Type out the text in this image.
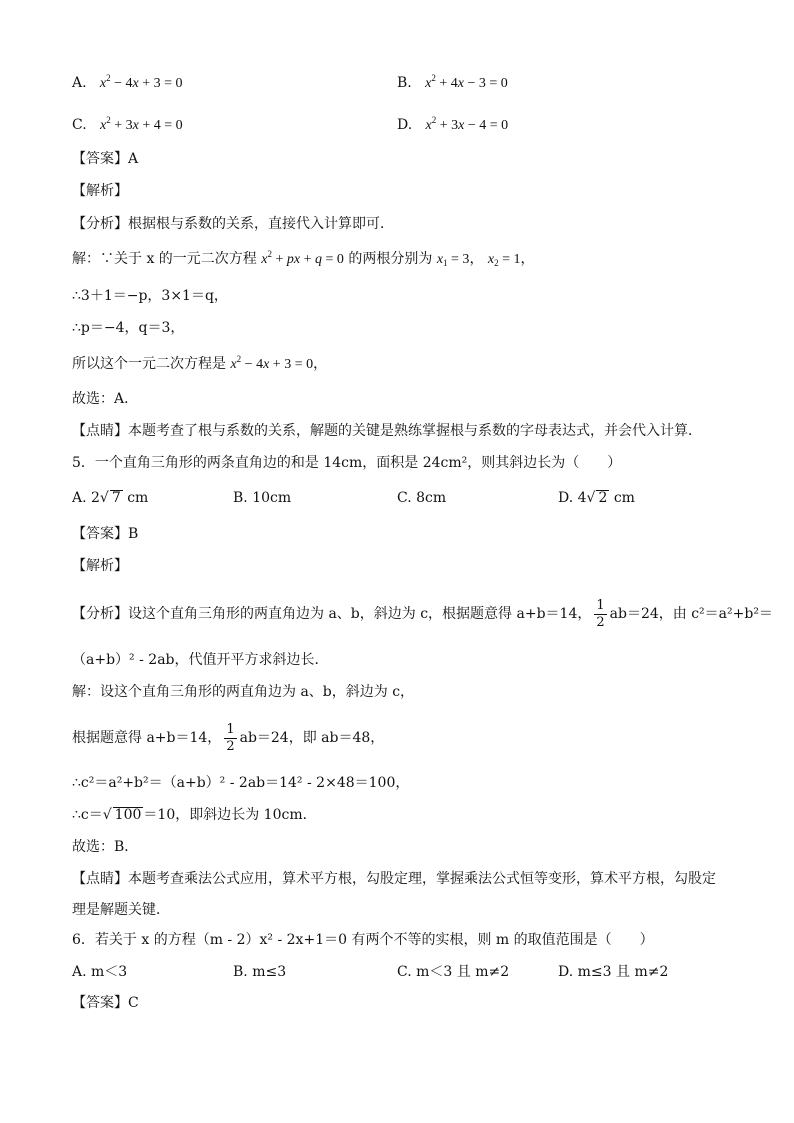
A. $x^2 - 4x + 3 = 0$	B. $x^2 + 4x - 3 = 0$
C. $x^2 + 3x + 4 = 0$	D. $x^2 + 3x - 4 = 0$
【答案】A
【解析】
【分析】根据根与系数的关系，直接代入计算即可．
解：∵关于 x 的一元二次方程 $x^2$ + px + q = 0 的两根分别为 $x_1 = 3$， $x_2 = 1$，
∴3＋1＝−p，3×1＝q，
∴p＝−4，q＝3，
所以这个一元二次方程是 $x^2 - 4x + 3 = 0$，
故选：A．
【点睛】本题考查了根与系数的关系，解题的关键是熟练掌握根与系数的字母表达式，并会代入计算．
5．一个直角三角形的两条直角边的和是 14cm，面积是 24cm²，则其斜边长为（　　）
A. 2√ 7 cm	B. 10cm	C. 8cm	D. 4√ 2 cm
【答案】B
【解析】
【分析】设这个直角三角形的两直角边为 a、b，斜边为 c，根据题意得 a+b＝14， $\frac{1}{2} ab=24$，由 c²＝a²+b²＝
（a+b）² - 2ab，代值开平方求斜边长．
解：设这个直角三角形的两直角边为 a、b，斜边为 c，
根据题意得 a+b＝14， $\frac{1}{2} ab=24$，即 ab＝48，
∴c²＝a²+b²＝（a+b）² - 2ab＝14² - 2×48＝100，
∴c＝√ 100 ＝10，即斜边长为 10cm．
故选：B．
【点睛】本题考查乘法公式应用，算术平方根，勾股定理，掌握乘法公式恒等变形，算术平方根，勾股定
理是解题关键．
6．若关于 x 的方程（m - 2）x² - 2x+1＝0 有两个不等的实根，则 m 的取值范围是（　　）
A. m＜3	B. m≤3	C. m＜3 且 m≠2	D. m≤3 且 m≠2
【答案】C
